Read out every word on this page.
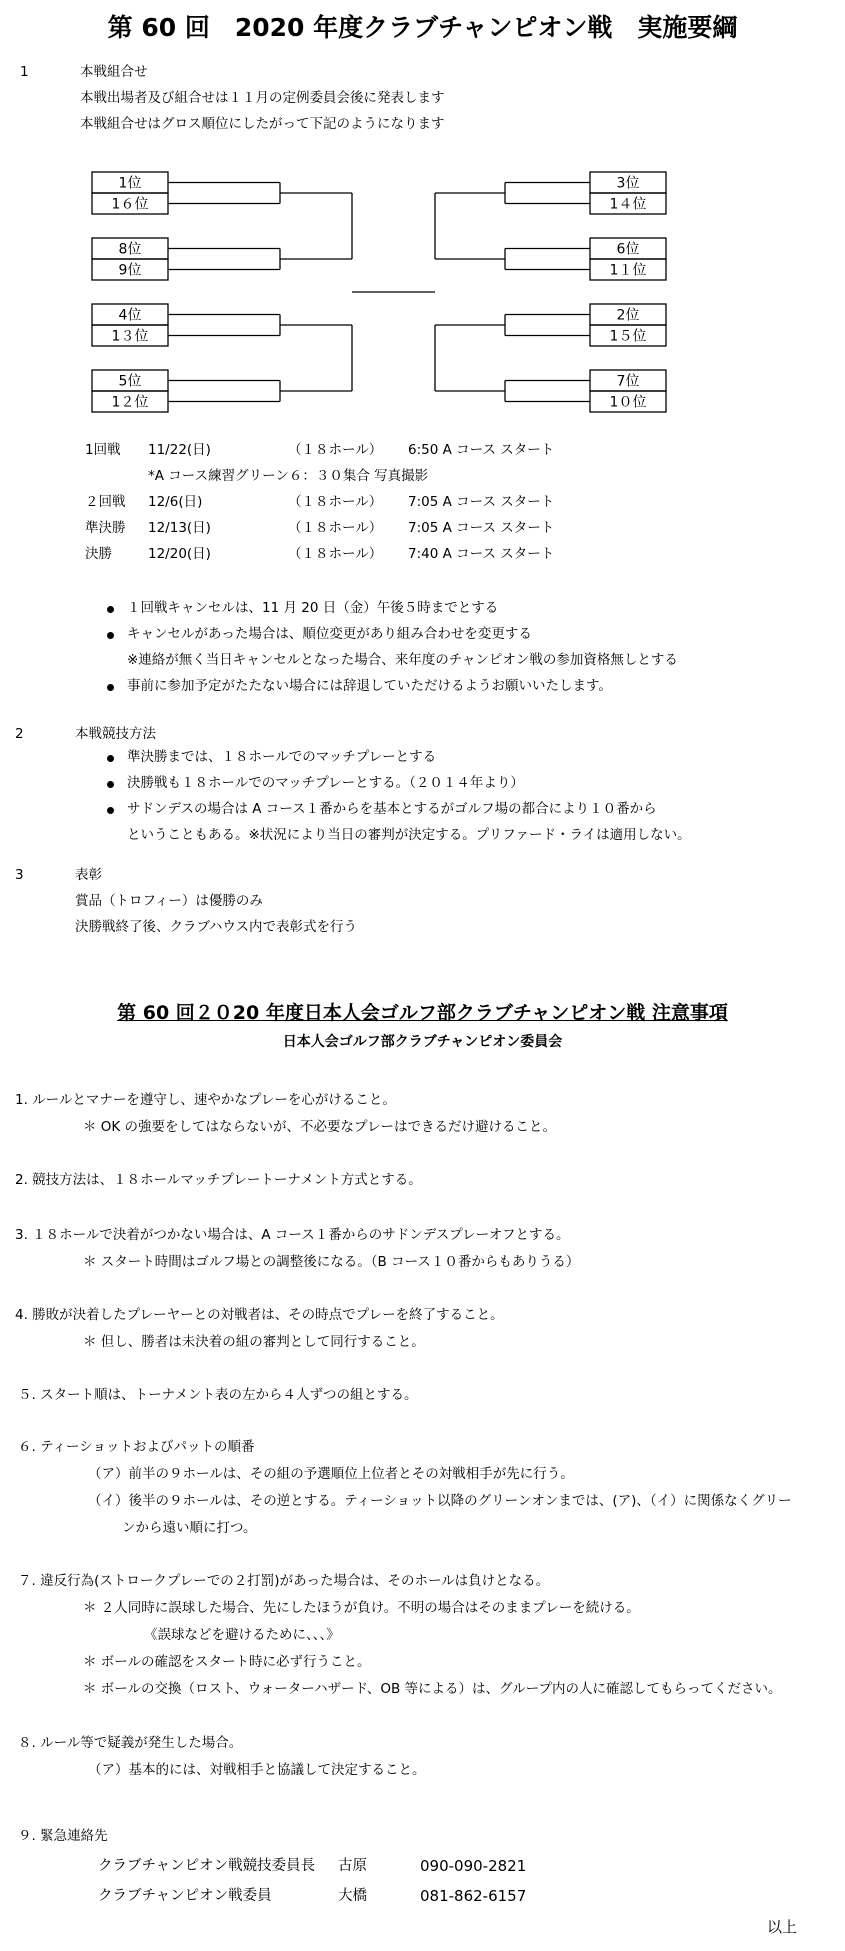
第 60 回　2020 年度クラブチャンピオン戦　実施要綱
1	本戦組合せ
本戦出場者及び組合せは１１月の定例委員会後に発表します
本戦組合せはグロス順位にしたがって下記のようになります
1位
1６位
8位
9位
4位
1３位
5位
1２位
3位
1４位
6位
1１位
2位
1５位
7位
1０位
1回戦 11/22(日)	（１８ホール） 6:50 A コース スタート
*A コース練習グリーン６：３０集合 写真撮影
２回戦 12/6(日)	（１８ホール） 7:05 A コース スタート
準決勝 12/13(日)	（１８ホール） 7:05 A コース スタート
決勝	12/20(日)	（１８ホール） 7:40 A コース スタート
１回戦キャンセルは、11 月 20 日（金）午後５時までとする
キャンセルがあった場合は、順位変更があり組み合わせを変更する
※連絡が無く当日キャンセルとなった場合、来年度のチャンピオン戦の参加資格無しとする
事前に参加予定がたたない場合には辞退していただけるようお願いいたします。
2	本戦競技方法
準決勝までは、１８ホールでのマッチプレーとする
決勝戦も１８ホールでのマッチプレーとする。（２０１４年より）
サドンデスの場合は A コース１番からを基本とするがゴルフ場の都合により１０番から
ということもある。※状況により当日の審判が決定する。プリファード・ライは適用しない。
3	表彰
賞品（トロフィー）は優勝のみ
決勝戦終了後、クラブハウス内で表彰式を行う
第 60 回２０20 年度日本人会ゴルフ部クラブチャンピオン戦 注意事項
日本人会ゴルフ部クラブチャンピオン委員会
1. ルールとマナーを遵守し、速やかなプレーを心がけること。
＊ OK の強要をしてはならないが、不必要なプレーはできるだけ避けること。
2. 競技方法は、１８ホールマッチプレートーナメント方式とする。
3. １８ホールで決着がつかない場合は、A コース１番からのサドンデスプレーオフとする。
＊ スタート時間はゴルフ場との調整後になる。（B コース１０番からもありうる）
4. 勝敗が決着したプレーヤーとの対戦者は、その時点でプレーを終了すること。
＊ 但し、勝者は未決着の組の審判として同行すること。
５. スタート順は、トーナメント表の左から４人ずつの組とする。
６. ティーショットおよびパットの順番
（ア）前半の９ホールは、その組の予選順位上位者とその対戦相手が先に行う。
（イ）後半の９ホールは、その逆とする。ティーショット以降のグリーンオンまでは、(ア)、（イ）に関係なくグリー
ンから遠い順に打つ。
７. 違反行為(ストロークプレーでの２打罰)があった場合は、そのホールは負けとなる。
＊ ２人同時に誤球した場合、先にしたほうが負け。不明の場合はそのままプレーを続ける。
《誤球などを避けるために、、、》
＊ ボールの確認をスタート時に必ず行うこと。
＊ ボールの交換（ロスト、ウォーターハザード、OB 等による）は、グループ内の人に確認してもらってください。
８. ルール等で疑義が発生した場合。
（ア）基本的には、対戦相手と協議して決定すること。
９. 緊急連絡先
クラブチャンピオン戦競技委員長 古原	090-090-2821
クラブチャンピオン戦委員	大橋	081-862-6157
以上
